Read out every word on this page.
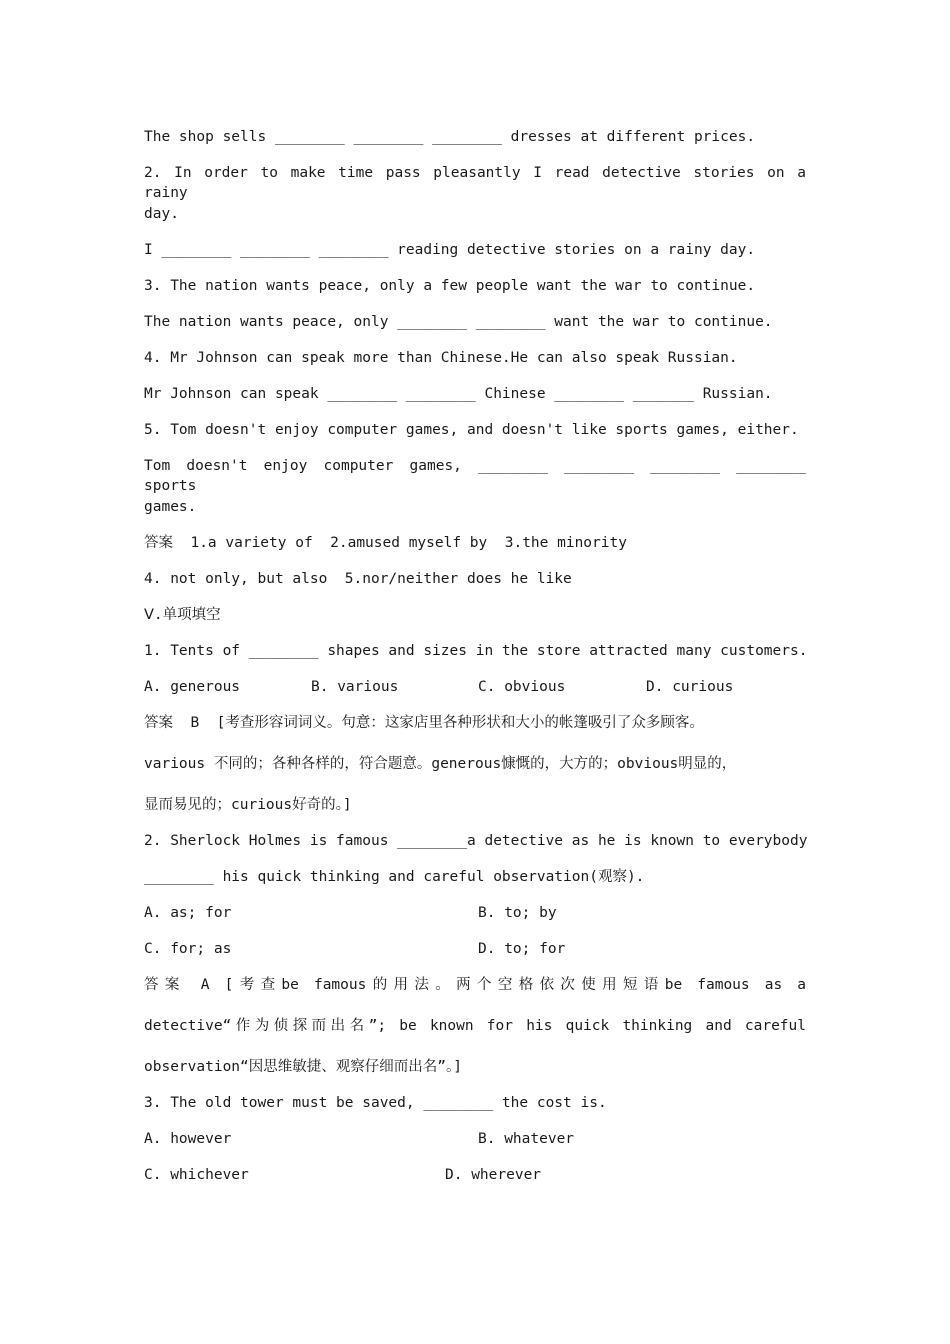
The shop sells ________ ________ ________ dresses at different prices.
2. In order to make time pass pleasantly I read detective stories on a rainy
day.
I ________ ________ ________ reading detective stories on a rainy day.
3. The nation wants peace, only a few people want the war to continue.
The nation wants peace, only ________ ________ want the war to continue.
4. Mr Johnson can speak more than Chinese.He can also speak Russian.
Mr Johnson can speak ________ ________ Chinese ________ _______ Russian.
5. Tom doesn't enjoy computer games, and doesn't like sports games, either.
Tom doesn't enjoy computer games, ________ ________ ________ ________ sports
games.
答案  1.a variety of  2.amused myself by  3.the minority
4. not only, but also  5.nor/neither does he like
Ⅴ.单项填空
1. Tents of ________ shapes and sizes in the store attracted many customers.
A. generous	B. various	C. obvious	D. curious
答案  B  [考查形容词词义。句意：这家店里各种形状和大小的帐篷吸引了众多顾客。
various 不同的；各种各样的，符合题意。generous慷慨的，大方的；obvious明显的，
显而易见的；curious好奇的。]
2. Sherlock Holmes is famous ________a detective as he is known to everybody
________ his quick thinking and careful observation(观察).
A. as; for	B. to; by
C. for; as	D. to; for
答案 A [考查be famous的用法。两个空格依次使用短语be famous as a
detective“作为侦探而出名”; be known for his quick thinking and careful
observation“因思维敏捷、观察仔细而出名”。]
3. The old tower must be saved, ________ the cost is.
A. however	B. whatever
C. whichever	D. wherever
